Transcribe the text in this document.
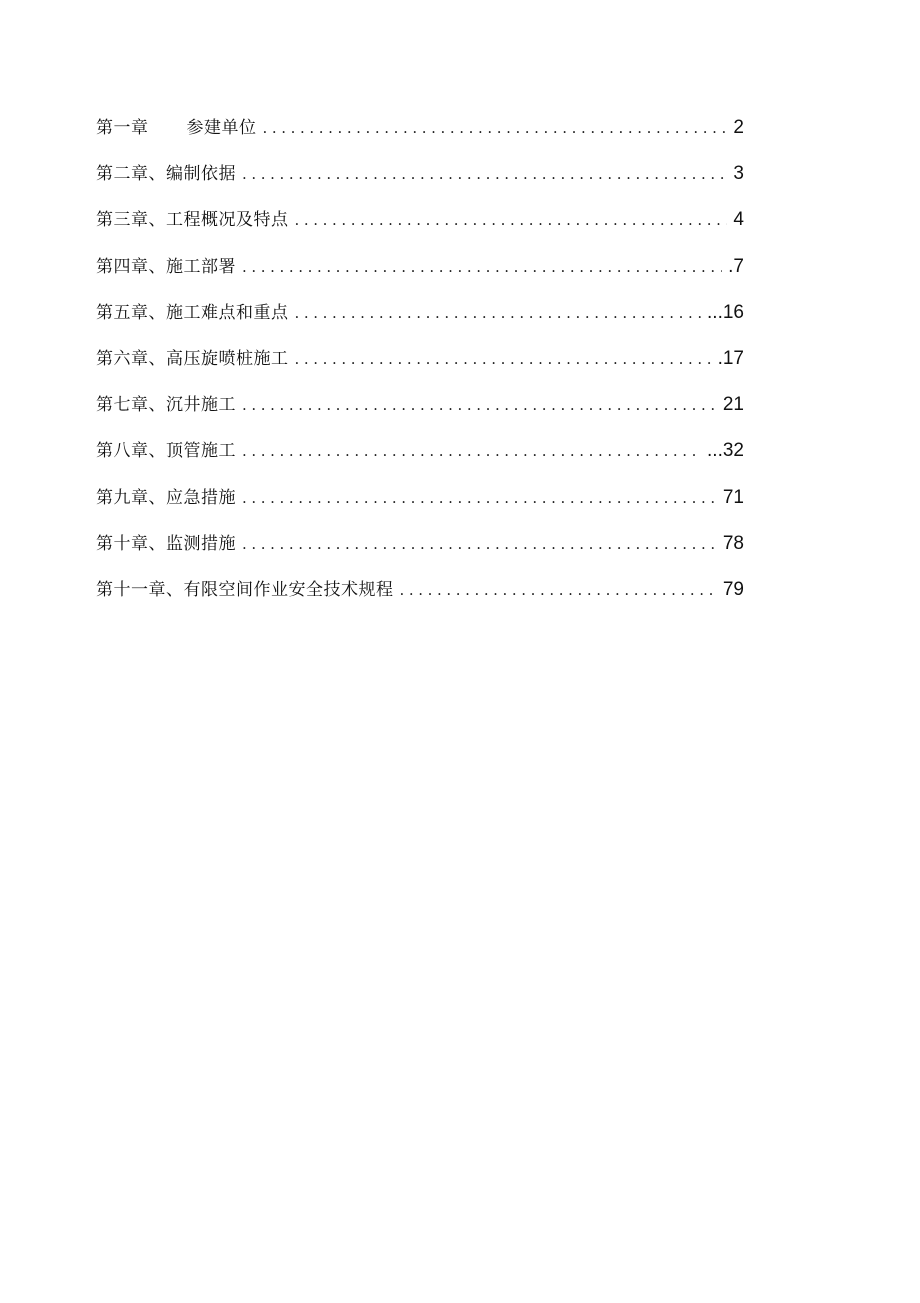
第一章 参建单位 .....	2
第二章、编制依据 .....	3
第三章、工程概况及特点 .....	4
第四章、施工部署 .....	.7
第五章、施工难点和重点 .....	...16
第六章、高压旋喷桩施工 .....	.17
第七章、沉井施工 .....	21
第八章、顶管施工 .....	...32
第九章、应急措施 .....	71
第十章、监测措施 .....	78
第十一章、有限空间作业安全技术规程 .....	79
